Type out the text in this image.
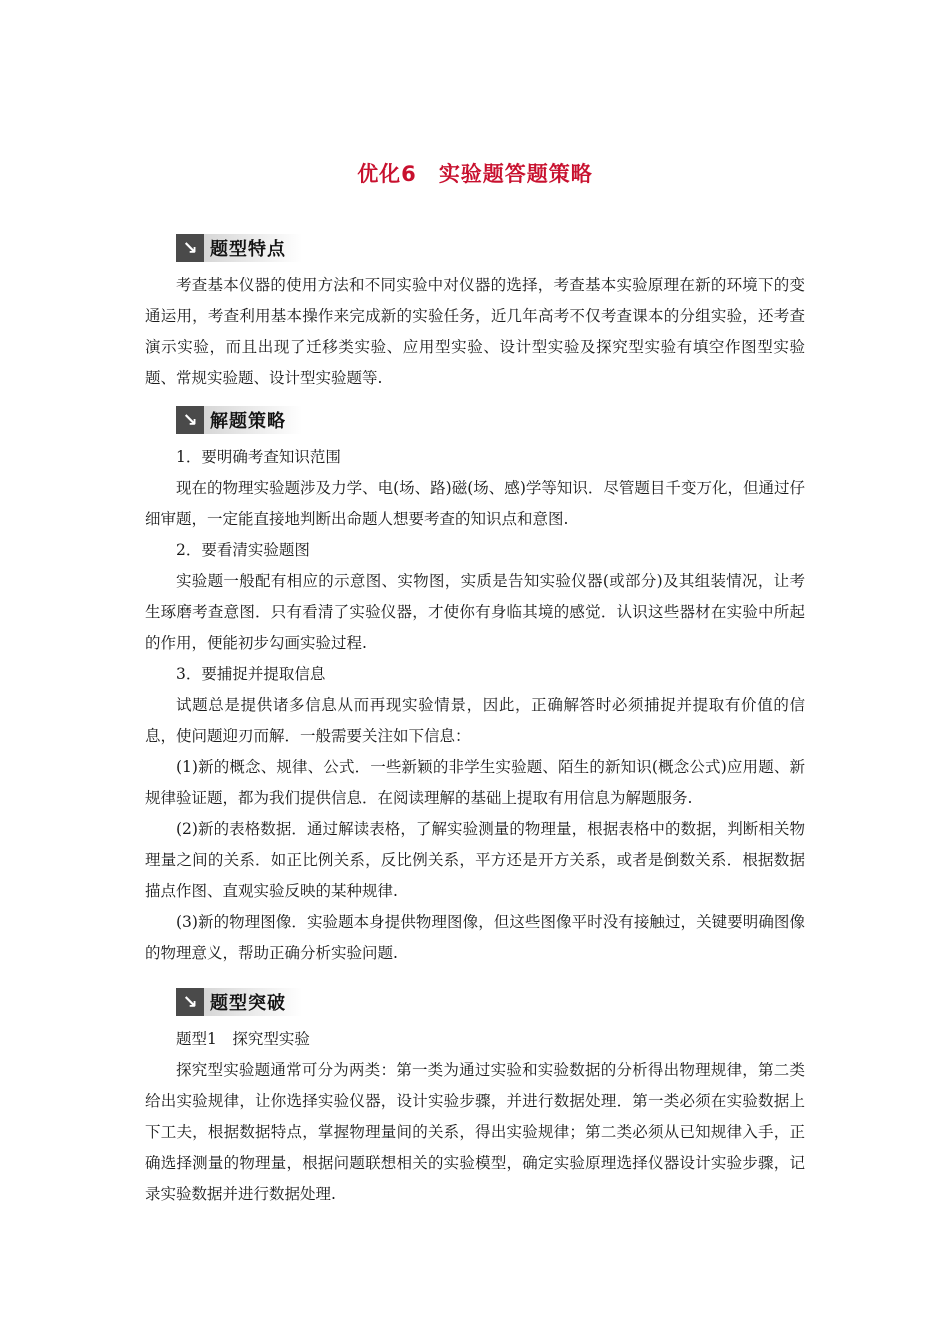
优化6 实验题答题策略
↘ 题型特点

考查基本仪器的使用方法和不同实验中对仪器的选择，考查基本实验原理在新的环境下的变通运用，考查利用基本操作来完成新的实验任务，近几年高考不仅考查课本的分组实验，还考查演示实验，而且出现了迁移类实验、应用型实验、设计型实验及探究型实验有填空作图型实验题、常规实验题、设计型实验题等.

↘ 解题策略

1．要明确考查知识范围

现在的物理实验题涉及力学、电(场、路)磁(场、感)学等知识．尽管题目千变万化，但通过仔细审题，一定能直接地判断出命题人想要考查的知识点和意图.

2．要看清实验题图

实验题一般配有相应的示意图、实物图，实质是告知实验仪器(或部分)及其组装情况，让考生琢磨考查意图．只有看清了实验仪器，才使你有身临其境的感觉．认识这些器材在实验中所起的作用，便能初步勾画实验过程.

3．要捕捉并提取信息

试题总是提供诸多信息从而再现实验情景，因此，正确解答时必须捕捉并提取有价值的信息，使问题迎刃而解．一般需要关注如下信息：

(1)新的概念、规律、公式．一些新颖的非学生实验题、陌生的新知识(概念公式)应用题、新规律验证题，都为我们提供信息．在阅读理解的基础上提取有用信息为解题服务.

(2)新的表格数据．通过解读表格，了解实验测量的物理量，根据表格中的数据，判断相关物理量之间的关系．如正比例关系，反比例关系，平方还是开方关系，或者是倒数关系．根据数据描点作图、直观实验反映的某种规律.

(3)新的物理图像．实验题本身提供物理图像，但这些图像平时没有接触过，关键要明确图像的物理意义，帮助正确分析实验问题.

↘ 题型突破

题型1　探究型实验

探究型实验题通常可分为两类：第一类为通过实验和实验数据的分析得出物理规律，第二类给出实验规律，让你选择实验仪器，设计实验步骤，并进行数据处理．第一类必须在实验数据上下工夫，根据数据特点，掌握物理量间的关系，得出实验规律；第二类必须从已知规律入手，正确选择测量的物理量，根据问题联想相关的实验模型，确定实验原理选择仪器设计实验步骤，记录实验数据并进行数据处理.
